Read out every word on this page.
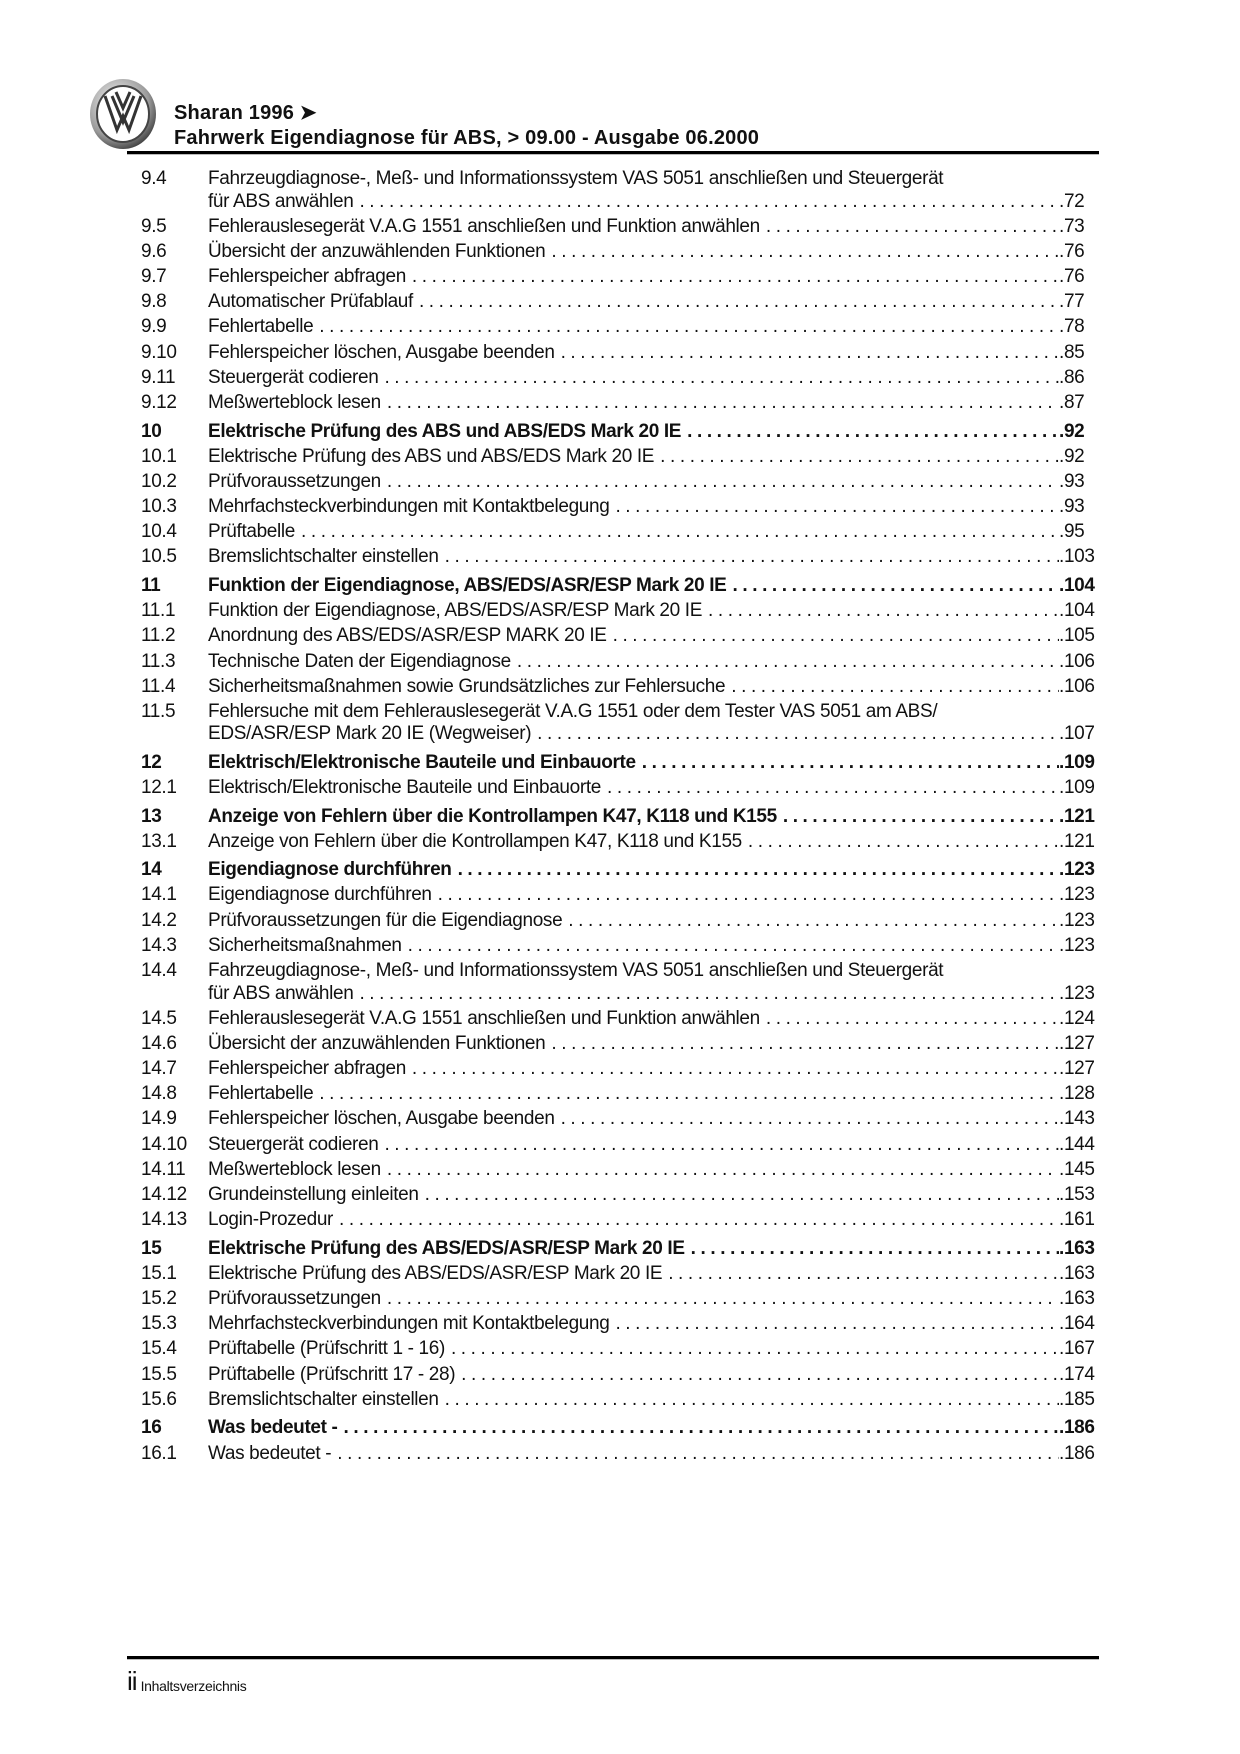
Sharan 1996 ➤
Fahrwerk Eigendiagnose für ABS, > 09.00 - Ausgabe 06.2000
9.4	Fahrzeugdiagnose-, Meß- und Informationssystem VAS 5051 anschließen und Steuergerät
für ABS anwählen . . .	. 72
9.5	Fehlerauslesegerät V.A.G 1551 anschließen und Funktion anwählen . . .	. 73
9.6	Übersicht der anzuwählenden Funktionen . . .	. 76
9.7	Fehlerspeicher abfragen . . .	. 76
9.8	Automatischer Prüfablauf . . .	. 77
9.9	Fehlertabelle . . .	. 78
9.10	Fehlerspeicher löschen, Ausgabe beenden . . .	. 85
9.11	Steuergerät codieren . . .	. 86
9.12	Meßwerteblock lesen . . .	. 87
10	Elektrische Prüfung des ABS und ABS/EDS Mark 20 IE . . .	. 92
10.1	Elektrische Prüfung des ABS und ABS/EDS Mark 20 IE . . .	. 92
10.2	Prüfvoraussetzungen . . .	. 93
10.3	Mehrfachsteckverbindungen mit Kontaktbelegung . . .	. 93
10.4	Prüftabelle . . .	. 95
10.5	Bremslichtschalter einstellen . . .	. 103
11	Funktion der Eigendiagnose, ABS/EDS/ASR/ESP Mark 20 IE . . .	. 104
11.1	Funktion der Eigendiagnose, ABS/EDS/ASR/ESP Mark 20 IE . . .	. 104
11.2	Anordnung des ABS/EDS/ASR/ESP MARK 20 IE . . .	. 105
11.3	Technische Daten der Eigendiagnose . . .	. 106
11.4	Sicherheitsmaßnahmen sowie Grundsätzliches zur Fehlersuche . . .	. 106
11.5	Fehlersuche mit dem Fehlerauslesegerät V.A.G 1551 oder dem Tester VAS 5051 am ABS/
EDS/ASR/ESP Mark 20 IE (Wegweiser) . . .	. 107
12	Elektrisch/Elektronische Bauteile und Einbauorte . . .	. 109
12.1	Elektrisch/Elektronische Bauteile und Einbauorte . . .	. 109
13	Anzeige von Fehlern über die Kontrollampen K47, K118 und K155 . . .	. 121
13.1	Anzeige von Fehlern über die Kontrollampen K47, K118 und K155 . . .	. 121
14	Eigendiagnose durchführen . . .	. 123
14.1	Eigendiagnose durchführen . . .	. 123
14.2	Prüfvoraussetzungen für die Eigendiagnose . . .	. 123
14.3	Sicherheitsmaßnahmen . . .	. 123
14.4	Fahrzeugdiagnose-, Meß- und Informationssystem VAS 5051 anschließen und Steuergerät
für ABS anwählen . . .	. 123
14.5	Fehlerauslesegerät V.A.G 1551 anschließen und Funktion anwählen . . .	. 124
14.6	Übersicht der anzuwählenden Funktionen . . .	. 127
14.7	Fehlerspeicher abfragen . . .	. 127
14.8	Fehlertabelle . . .	. 128
14.9	Fehlerspeicher löschen, Ausgabe beenden . . .	. 143
14.10	Steuergerät codieren . . .	. 144
14.11	Meßwerteblock lesen . . .	. 145
14.12	Grundeinstellung einleiten . . .	. 153
14.13	Login-Prozedur . . .	. 161
15	Elektrische Prüfung des ABS/EDS/ASR/ESP Mark 20 IE . . .	. 163
15.1	Elektrische Prüfung des ABS/EDS/ASR/ESP Mark 20 IE . . .	. 163
15.2	Prüfvoraussetzungen . . .	. 163
15.3	Mehrfachsteckverbindungen mit Kontaktbelegung . . .	. 164
15.4	Prüftabelle (Prüfschritt 1 - 16) . . .	. 167
15.5	Prüftabelle (Prüfschritt 17 - 28) . . .	. 174
15.6	Bremslichtschalter einstellen . . .	. 185
16	Was bedeutet - . . .	. 186
16.1	Was bedeutet - . . .	. 186
ii Inhaltsverzeichnis
